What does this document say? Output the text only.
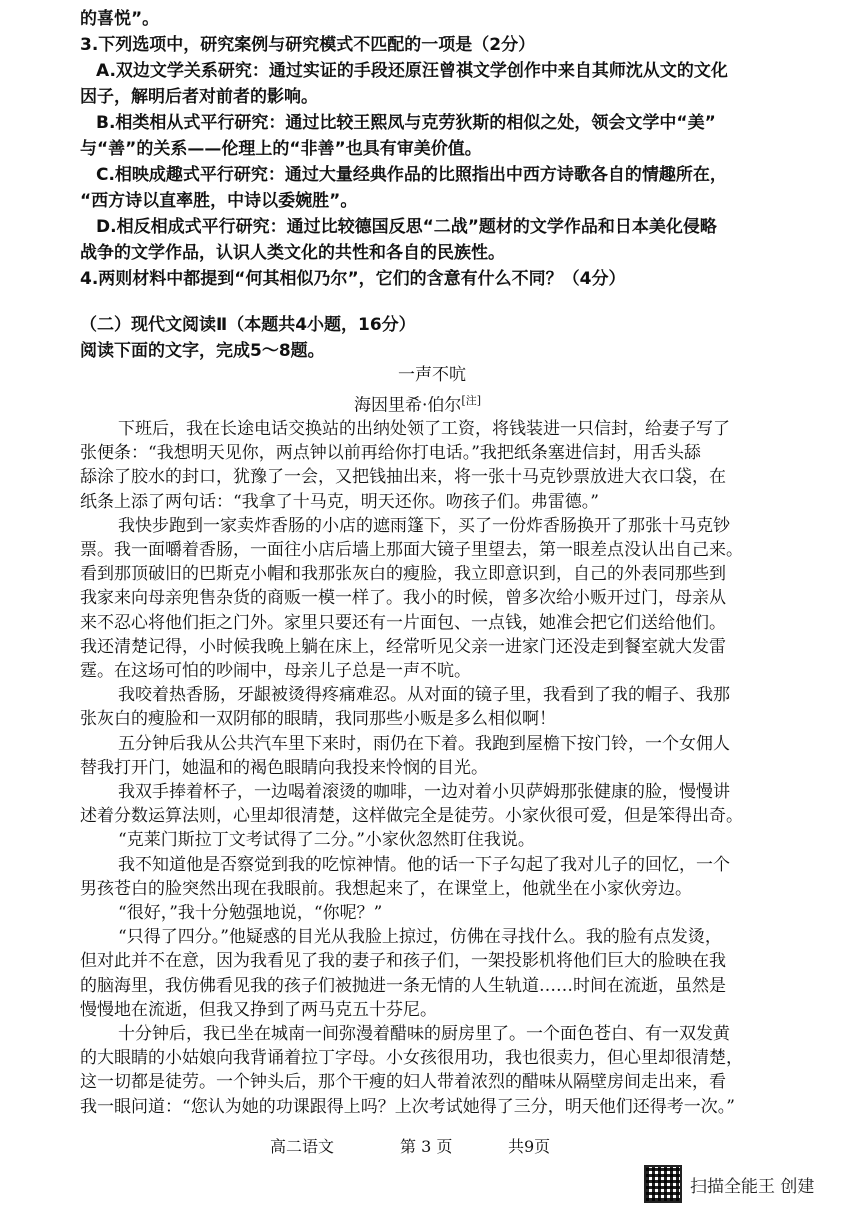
的喜悦”。
3.下列选项中，研究案例与研究模式不匹配的一项是（2分）
A.双边文学关系研究：通过实证的手段还原汪曾祺文学创作中来自其师沈从文的文化
因子，解明后者对前者的影响。
B.相类相从式平行研究：通过比较王熙凤与克劳狄斯的相似之处，领会文学中“美”
与“善”的关系——伦理上的“非善”也具有审美价值。
C.相映成趣式平行研究：通过大量经典作品的比照指出中西方诗歌各自的情趣所在，
“西方诗以直率胜，中诗以委婉胜”。
D.相反相成式平行研究：通过比较德国反思“二战”题材的文学作品和日本美化侵略
战争的文学作品，认识人类文化的共性和各自的民族性。
4.两则材料中都提到“何其相似乃尔”，它们的含意有什么不同？（4分）
（二）现代文阅读Ⅱ（本题共4小题，16分）
阅读下面的文字，完成5～8题。
一声不吭
海因里希·伯尔[注]
下班后，我在长途电话交换站的出纳处领了工资，将钱装进一只信封，给妻子写了
张便条：“我想明天见你，两点钟以前再给你打电话。”我把纸条塞进信封，用舌头舔
舔涂了胶水的封口，犹豫了一会，又把钱抽出来，将一张十马克钞票放进大衣口袋，在
纸条上添了两句话：“我拿了十马克，明天还你。吻孩子们。弗雷德。”
我快步跑到一家卖炸香肠的小店的遮雨篷下，买了一份炸香肠换开了那张十马克钞
票。我一面嚼着香肠，一面往小店后墙上那面大镜子里望去，第一眼差点没认出自己来。
看到那顶破旧的巴斯克小帽和我那张灰白的瘦脸，我立即意识到，自己的外表同那些到
我家来向母亲兜售杂货的商贩一模一样了。我小的时候，曾多次给小贩开过门，母亲从
来不忍心将他们拒之门外。家里只要还有一片面包、一点钱，她准会把它们送给他们。
我还清楚记得，小时候我晚上躺在床上，经常听见父亲一进家门还没走到餐室就大发雷
霆。在这场可怕的吵闹中，母亲儿子总是一声不吭。
我咬着热香肠，牙龈被烫得疼痛难忍。从对面的镜子里，我看到了我的帽子、我那
张灰白的瘦脸和一双阴郁的眼睛，我同那些小贩是多么相似啊！
五分钟后我从公共汽车里下来时，雨仍在下着。我跑到屋檐下按门铃，一个女佣人
替我打开门，她温和的褐色眼睛向我投来怜悯的目光。
我双手捧着杯子，一边喝着滚烫的咖啡，一边对着小贝萨姆那张健康的脸，慢慢讲
述着分数运算法则，心里却很清楚，这样做完全是徒劳。小家伙很可爱，但是笨得出奇。
“克莱门斯拉丁文考试得了二分。”小家伙忽然盯住我说。
我不知道他是否察觉到我的吃惊神情。他的话一下子勾起了我对儿子的回忆，一个
男孩苍白的脸突然出现在我眼前。我想起来了，在课堂上，他就坐在小家伙旁边。
“很好，”我十分勉强地说，“你呢？”
“只得了四分。”他疑惑的目光从我脸上掠过，仿佛在寻找什么。我的脸有点发烫，
但对此并不在意，因为我看见了我的妻子和孩子们，一架投影机将他们巨大的脸映在我
的脑海里，我仿佛看见我的孩子们被抛进一条无情的人生轨道……时间在流逝，虽然是
慢慢地在流逝，但我又挣到了两马克五十芬尼。
十分钟后，我已坐在城南一间弥漫着醋味的厨房里了。一个面色苍白、有一双发黄
的大眼睛的小姑娘向我背诵着拉丁字母。小女孩很用功，我也很卖力，但心里却很清楚，
高二语文	第 3 页	共9页
扫描全能王 创建
这一切都是徒劳。一个钟头后，那个干瘦的妇人带着浓烈的醋味从隔壁房间走出来，看
我一眼问道：“您认为她的功课跟得上吗？上次考试她得了三分，明天他们还得考一次。”
